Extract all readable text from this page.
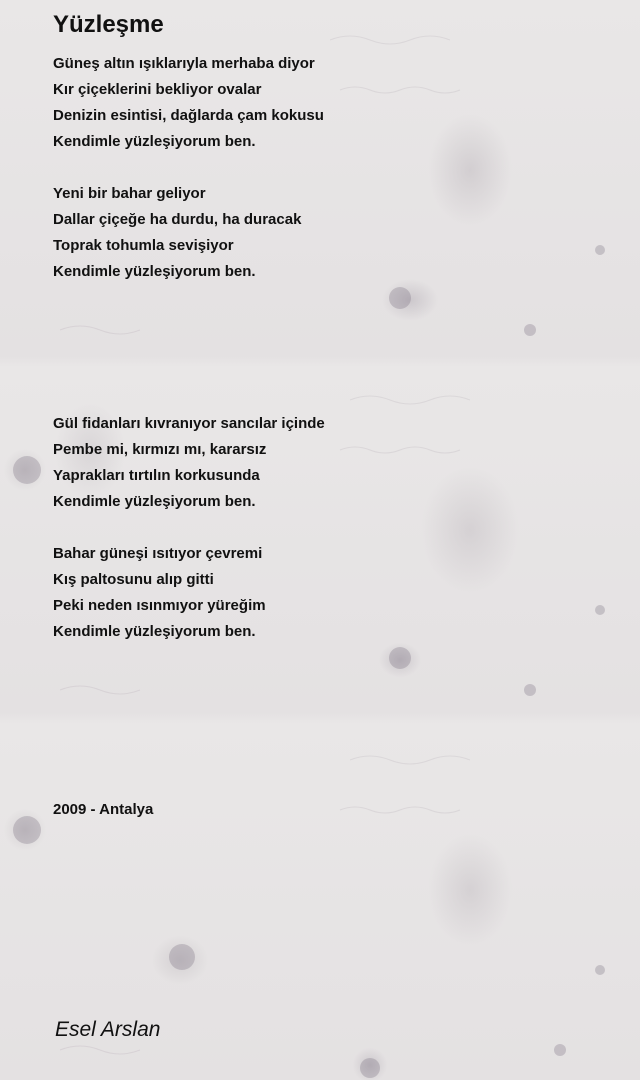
Yüzleşme
Güneş altın ışıklarıyla merhaba diyor
Kır çiçeklerini bekliyor ovalar
Denizin esintisi, dağlarda çam kokusu
Kendimle yüzleşiyorum ben.
Yeni bir bahar geliyor
Dallar çiçeğe ha durdu, ha duracak
Toprak tohumla sevişiyor
Kendimle yüzleşiyorum ben.
Gül fidanları kıvranıyor sancılar içinde
Pembe mi, kırmızı mı, kararsız
Yaprakları tırtılın korkusunda
Kendimle yüzleşiyorum ben.
Bahar güneşi ısıtıyor çevremi
Kış paltosunu alıp gitti
Peki neden ısınmıyor yüreğim
Kendimle yüzleşiyorum ben.
2009 - Antalya
Esel Arslan
